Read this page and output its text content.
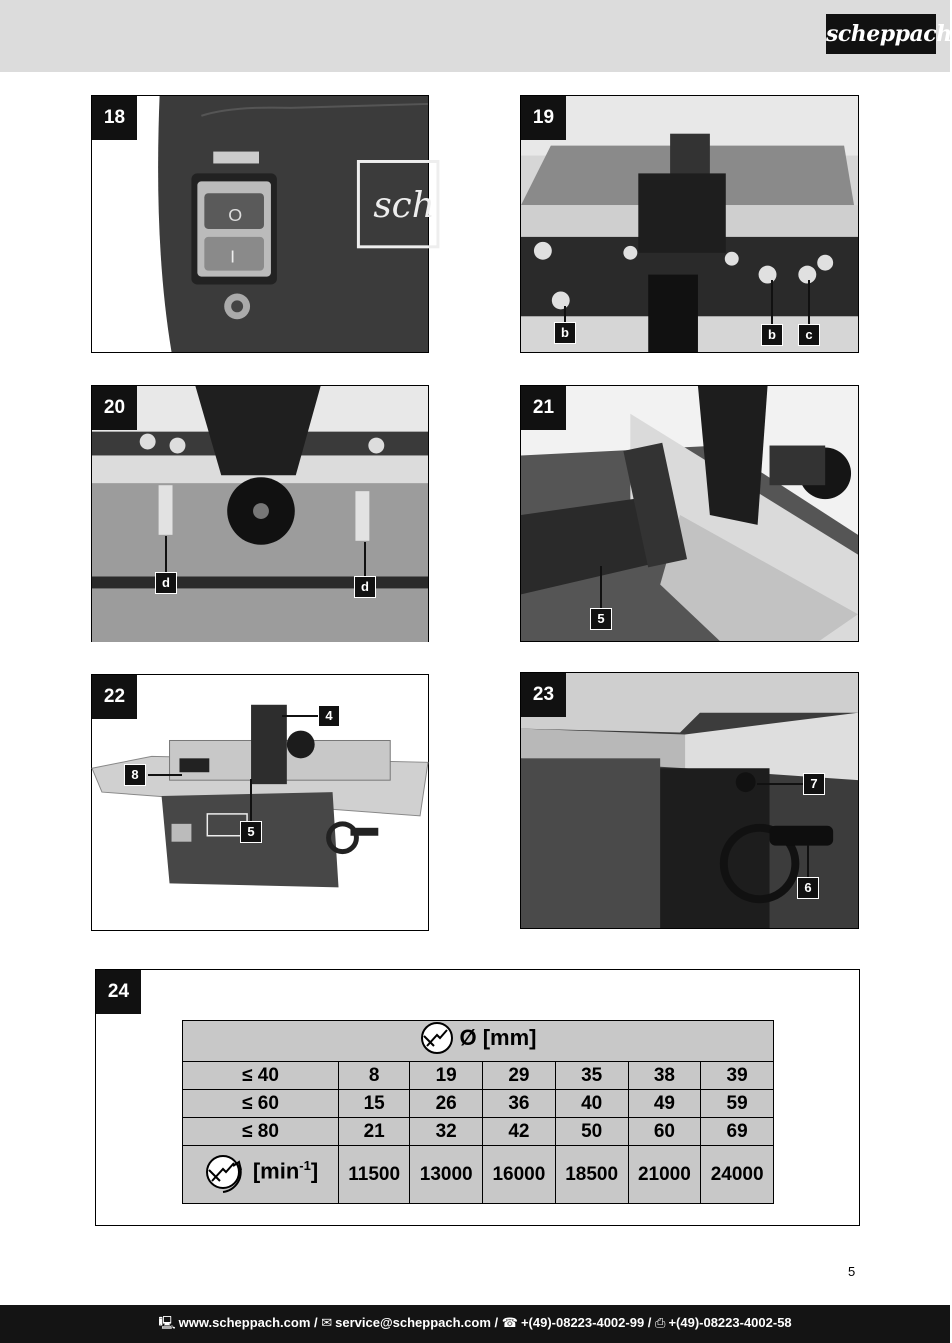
scheppach
sch
O
I
18	19
b	b	c
20
d	d
21
5
22
4
8
5
23
7
6
24
Ø [mm]						

≤ 40	8	19	29	35	38	39
≤ 60	15	26	36	40	49	59
≤ 80	21	32	42	50	60	69

$[\min^{-1}]$	11500	13000	16000	18500	21000	24000
5
🖳 www.scheppach.com / ✉ service@scheppach.com / ☎ +(49)-08223-4002-99 / ⎙ +(49)-08223-4002-58
